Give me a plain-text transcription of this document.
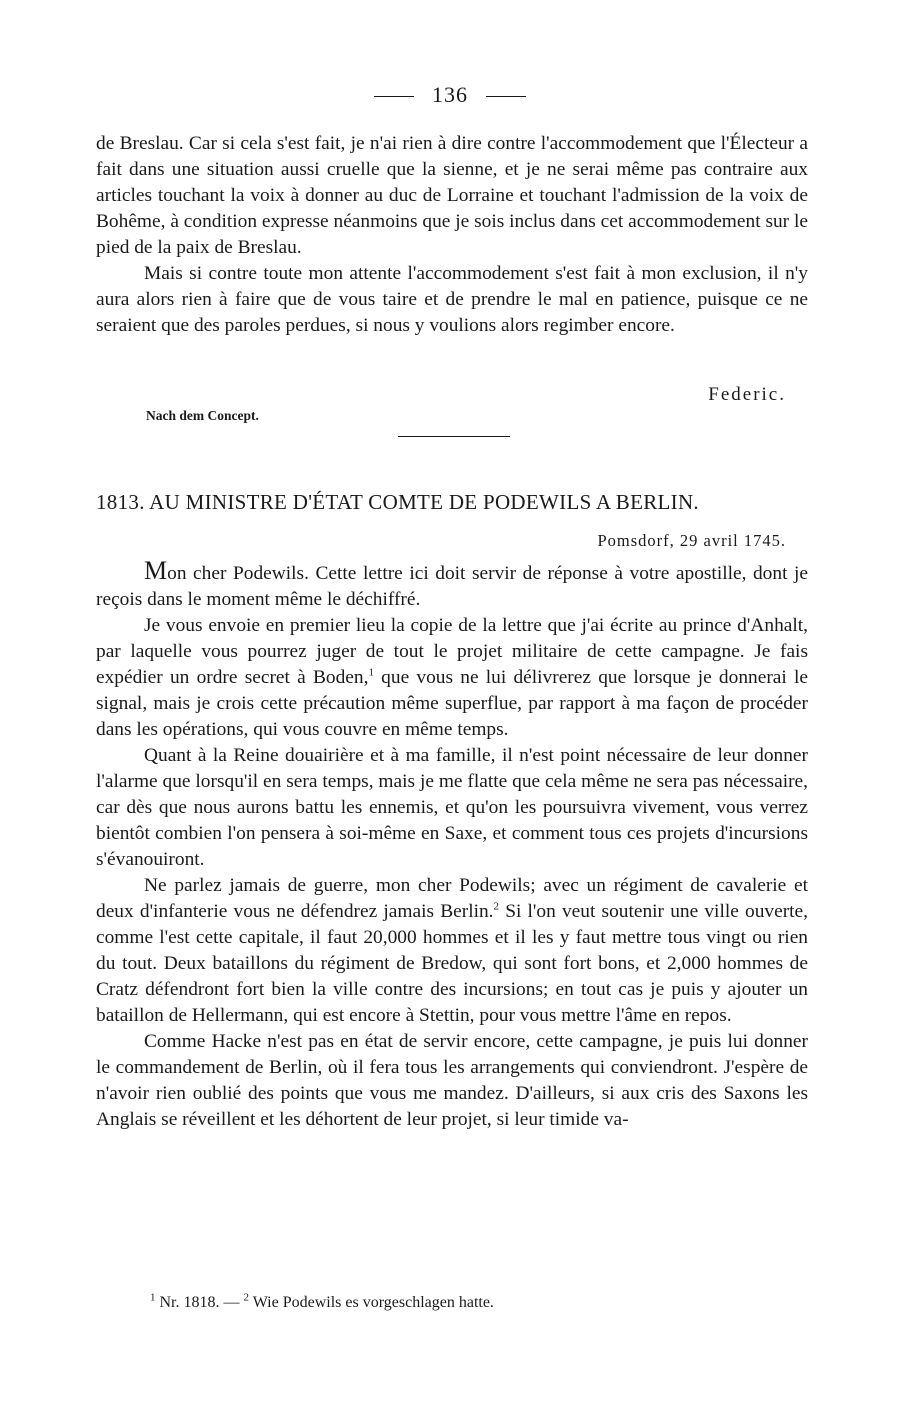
136

de Breslau. Car si cela s'est fait, je n'ai rien à dire contre l'accommodement que l'Électeur a fait dans une situation aussi cruelle que la sienne, et je ne serai même pas contraire aux articles touchant la voix à donner au duc de Lorraine et touchant l'admission de la voix de Bohême, à condition expresse néanmoins que je sois inclus dans cet accommodement sur le pied de la paix de Breslau.

Mais si contre toute mon attente l'accommodement s'est fait à mon exclusion, il n'y aura alors rien à faire que de vous taire et de prendre le mal en patience, puisque ce ne seraient que des paroles perdues, si nous y voulions alors regimber encore.

Federic.
Nach dem Concept.
1813. AU MINISTRE D'ÉTAT COMTE DE PODEWILS A BERLIN.
Pomsdorf, 29 avril 1745.

Mon cher Podewils. Cette lettre ici doit servir de réponse à votre apostille, dont je reçois dans le moment même le déchiffré.

Je vous envoie en premier lieu la copie de la lettre que j'ai écrite au prince d'Anhalt, par laquelle vous pourrez juger de tout le projet militaire de cette campagne. Je fais expédier un ordre secret à Boden,$^1$ que vous ne lui délivrerez que lorsque je donnerai le signal, mais je crois cette précaution même superflue, par rapport à ma façon de procéder dans les opérations, qui vous couvre en même temps.

Quant à la Reine douairière et à ma famille, il n'est point nécessaire de leur donner l'alarme que lorsqu'il en sera temps, mais je me flatte que cela même ne sera pas nécessaire, car dès que nous aurons battu les ennemis, et qu'on les poursuivra vivement, vous verrez bientôt combien l'on pensera à soi-même en Saxe, et comment tous ces projets d'incursions s'évanouiront.

Ne parlez jamais de guerre, mon cher Podewils; avec un régiment de cavalerie et deux d'infanterie vous ne défendrez jamais Berlin.$^2$ Si l'on veut soutenir une ville ouverte, comme l'est cette capitale, il faut 20,000 hommes et il les y faut mettre tous vingt ou rien du tout. Deux bataillons du régiment de Bredow, qui sont fort bons, et 2,000 hommes de Cratz défendront fort bien la ville contre des incursions; en tout cas je puis y ajouter un bataillon de Hellermann, qui est encore à Stettin, pour vous mettre l'âme en repos.

Comme Hacke n'est pas en état de servir encore, cette campagne, je puis lui donner le commandement de Berlin, où il fera tous les arrangements qui conviendront. J'espère de n'avoir rien oublié des points que vous me mandez. D'ailleurs, si aux cris des Saxons les Anglais se réveillent et les déhortent de leur projet, si leur timide va-

$^1$ Nr. 1818. — $^2$ Wie Podewils es vorgeschlagen hatte.
